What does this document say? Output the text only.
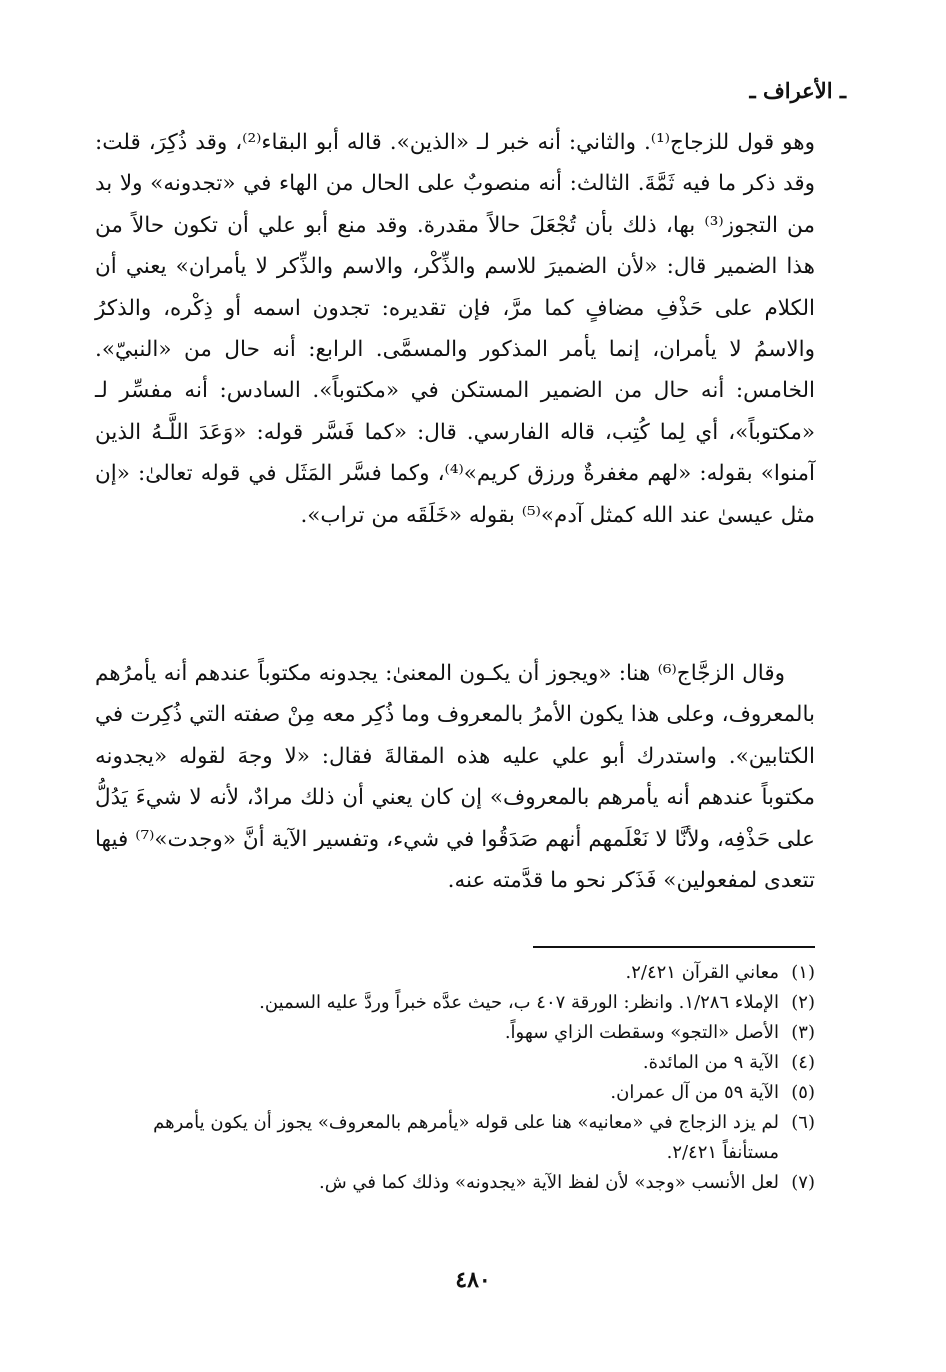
ـ الأعراف ـ

وهو قول للزجاج⁽¹⁾. والثاني: أنه خبر لـ «الذين». قاله أبو البقاء⁽²⁾، وقد ذُكِرَ، قلت: وقد ذكر ما فيه ثَمَّةَ. الثالث: أنه منصوبٌ على الحال من الهاء في «تجدونه» ولا بد من التجوز⁽³⁾ بها، ذلك بأن تُجْعَلَ حالاً مقدرة. وقد منع أبو علي أن تكون حالاً من هذا الضمير قال: «لأن الضميرَ للاسم والذِّكْر، والاسم والذِّكر لا يأمران» يعني أن الكلام على حَذْفِ مضافٍ كما مرَّ، فإن تقديره: تجدون اسمه أو ذِكْره، والذكرُ والاسمُ لا يأمران، إنما يأمر المذكور والمسمَّى. الرابع: أنه حال من «النبيّ». الخامس: أنه حال من الضمير المستكن في «مكتوباً». السادس: أنه مفسِّر لـ «مكتوباً»، أي لِما كُتِب، قاله الفارسي. قال: «كما فَسَّر قوله: «وَعَدَ اللَّـهُ الذين آمنوا» بقوله: «لهم مغفرةٌ ورزق كريم»⁽⁴⁾، وكما فسَّر المَثَل في قوله تعالىٰ: «إن مثل عيسىٰ عند الله كمثل آدم»⁽⁵⁾ بقوله «خَلَقَه من تراب».

وقال الزجَّاج⁽⁶⁾ هنا: «ويجوز أن يكـون المعنىٰ: يجدونه مكتوباً عندهم أنه يأمرُهم بالمعروف، وعلى هذا يكون الأمرُ بالمعروف وما ذُكِر معه مِنْ صفته التي ذُكِرت في الكتابين». واستدرك أبو علي عليه هذه المقالةَ فقال: «لا وجهَ لقوله «يجدونه مكتوباً عندهم أنه يأمرهم بالمعروف» إن كان يعني أن ذلك مرادٌ، لأنه لا شيءَ يَدُلُّ على حَذْفِه، ولأنَّا لا نَعْلَمهم أنهم صَدَقُوا في شيء، وتفسير الآية أنَّ «وجدت»⁽⁷⁾ فيها تتعدى لمفعولين» فَذَكر نحو ما قدَّمته عنه.

(١)معاني القرآن ٢/٤٢١.
(٢)الإملاء ١/٢٨٦. وانظر: الورقة ٤٠٧ ب، حيث عدَّه خبراً وردَّ عليه السمين.
(٣)الأصل «التجو» وسقطت الزاي سهواً.
(٤)الآية ٩ من المائدة.
(٥)الآية ٥٩ من آل عمران.
(٦)لم يزد الزجاج في «معانيه» هنا على قوله «يأمرهم بالمعروف» يجوز أن يكون يأمرهم مستأنفاً ٢/٤٢١.
(٧)لعل الأنسب «وجد» لأن لفظ الآية «يجدونه» وذلك كما في ش.
٤٨٠
